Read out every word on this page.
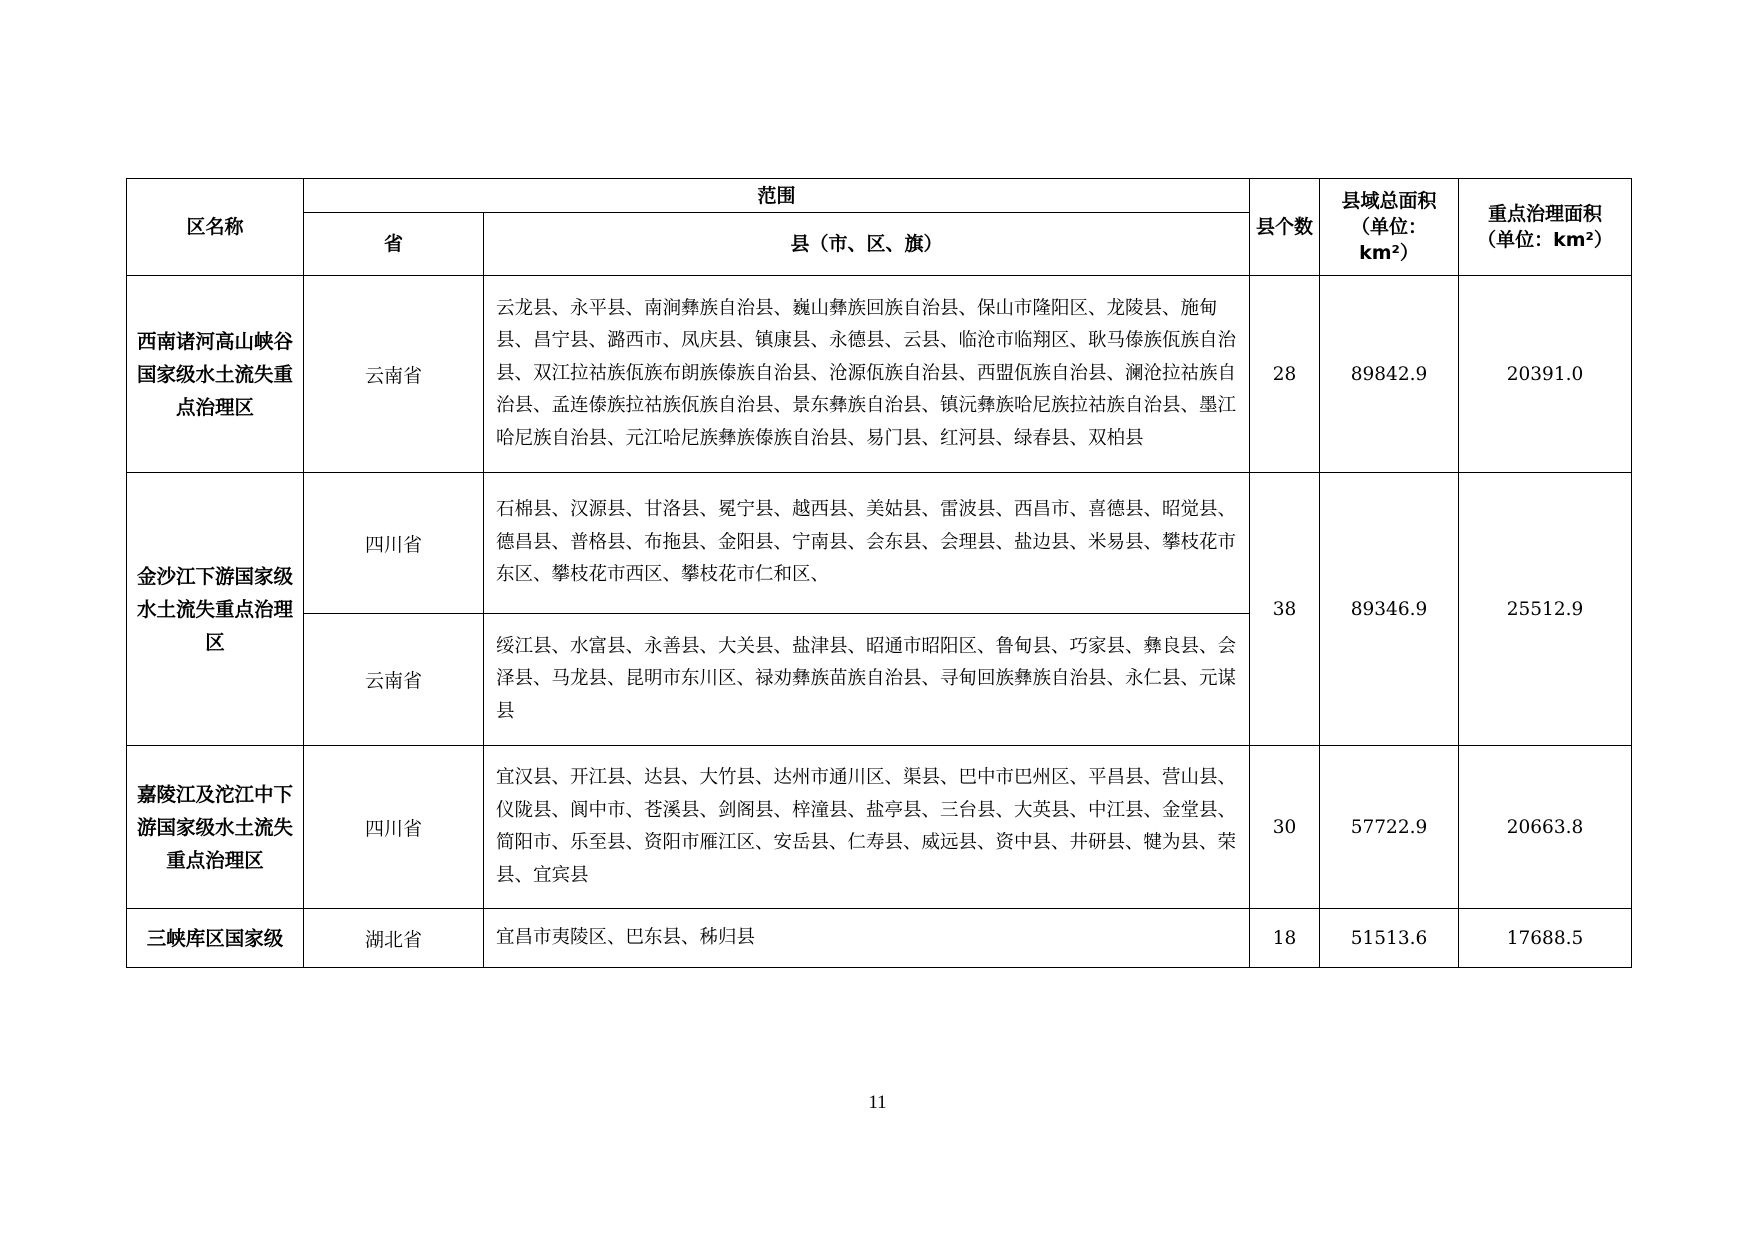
区名称	范围		县个数	县域总面积（单位：km²）	重点治理面积（单位：km²）
	省	县（市、区、旗）			
西南诸河高山峡谷国家级水土流失重点治理区	云南省	云龙县、永平县、南涧彝族自治县、巍山彝族回族自治县、保山市隆阳区、龙陵县、施甸县、昌宁县、潞西市、凤庆县、镇康县、永德县、云县、临沧市临翔区、耿马傣族佤族自治县、双江拉祜族佤族布朗族傣族自治县、沧源佤族自治县、西盟佤族自治县、澜沧拉祜族自治县、孟连傣族拉祜族佤族自治县、景东彝族自治县、镇沅彝族哈尼族拉祜族自治县、墨江哈尼族自治县、元江哈尼族彝族傣族自治县、易门县、红河县、绿春县、双柏县	28	89842.9	20391.0
金沙江下游国家级水土流失重点治理区	四川省	石棉县、汉源县、甘洛县、冕宁县、越西县、美姑县、雷波县、西昌市、喜德县、昭觉县、德昌县、普格县、布拖县、金阳县、宁南县、会东县、会理县、盐边县、米易县、攀枝花市东区、攀枝花市西区、攀枝花市仁和区、	38	89346.9	25512.9
	云南省	绥江县、水富县、永善县、大关县、盐津县、昭通市昭阳区、鲁甸县、巧家县、彝良县、会泽县、马龙县、昆明市东川区、禄劝彝族苗族自治县、寻甸回族彝族自治县、永仁县、元谋县			
嘉陵江及沱江中下游国家级水土流失重点治理区	四川省	宜汉县、开江县、达县、大竹县、达州市通川区、渠县、巴中市巴州区、平昌县、营山县、仪陇县、阆中市、苍溪县、剑阁县、梓潼县、盐亭县、三台县、大英县、中江县、金堂县、简阳市、乐至县、资阳市雁江区、安岳县、仁寿县、威远县、资中县、井研县、犍为县、荣县、宜宾县	30	57722.9	20663.8
三峡库区国家级	湖北省	宜昌市夷陵区、巴东县、秭归县	18	51513.6	17688.5
11
